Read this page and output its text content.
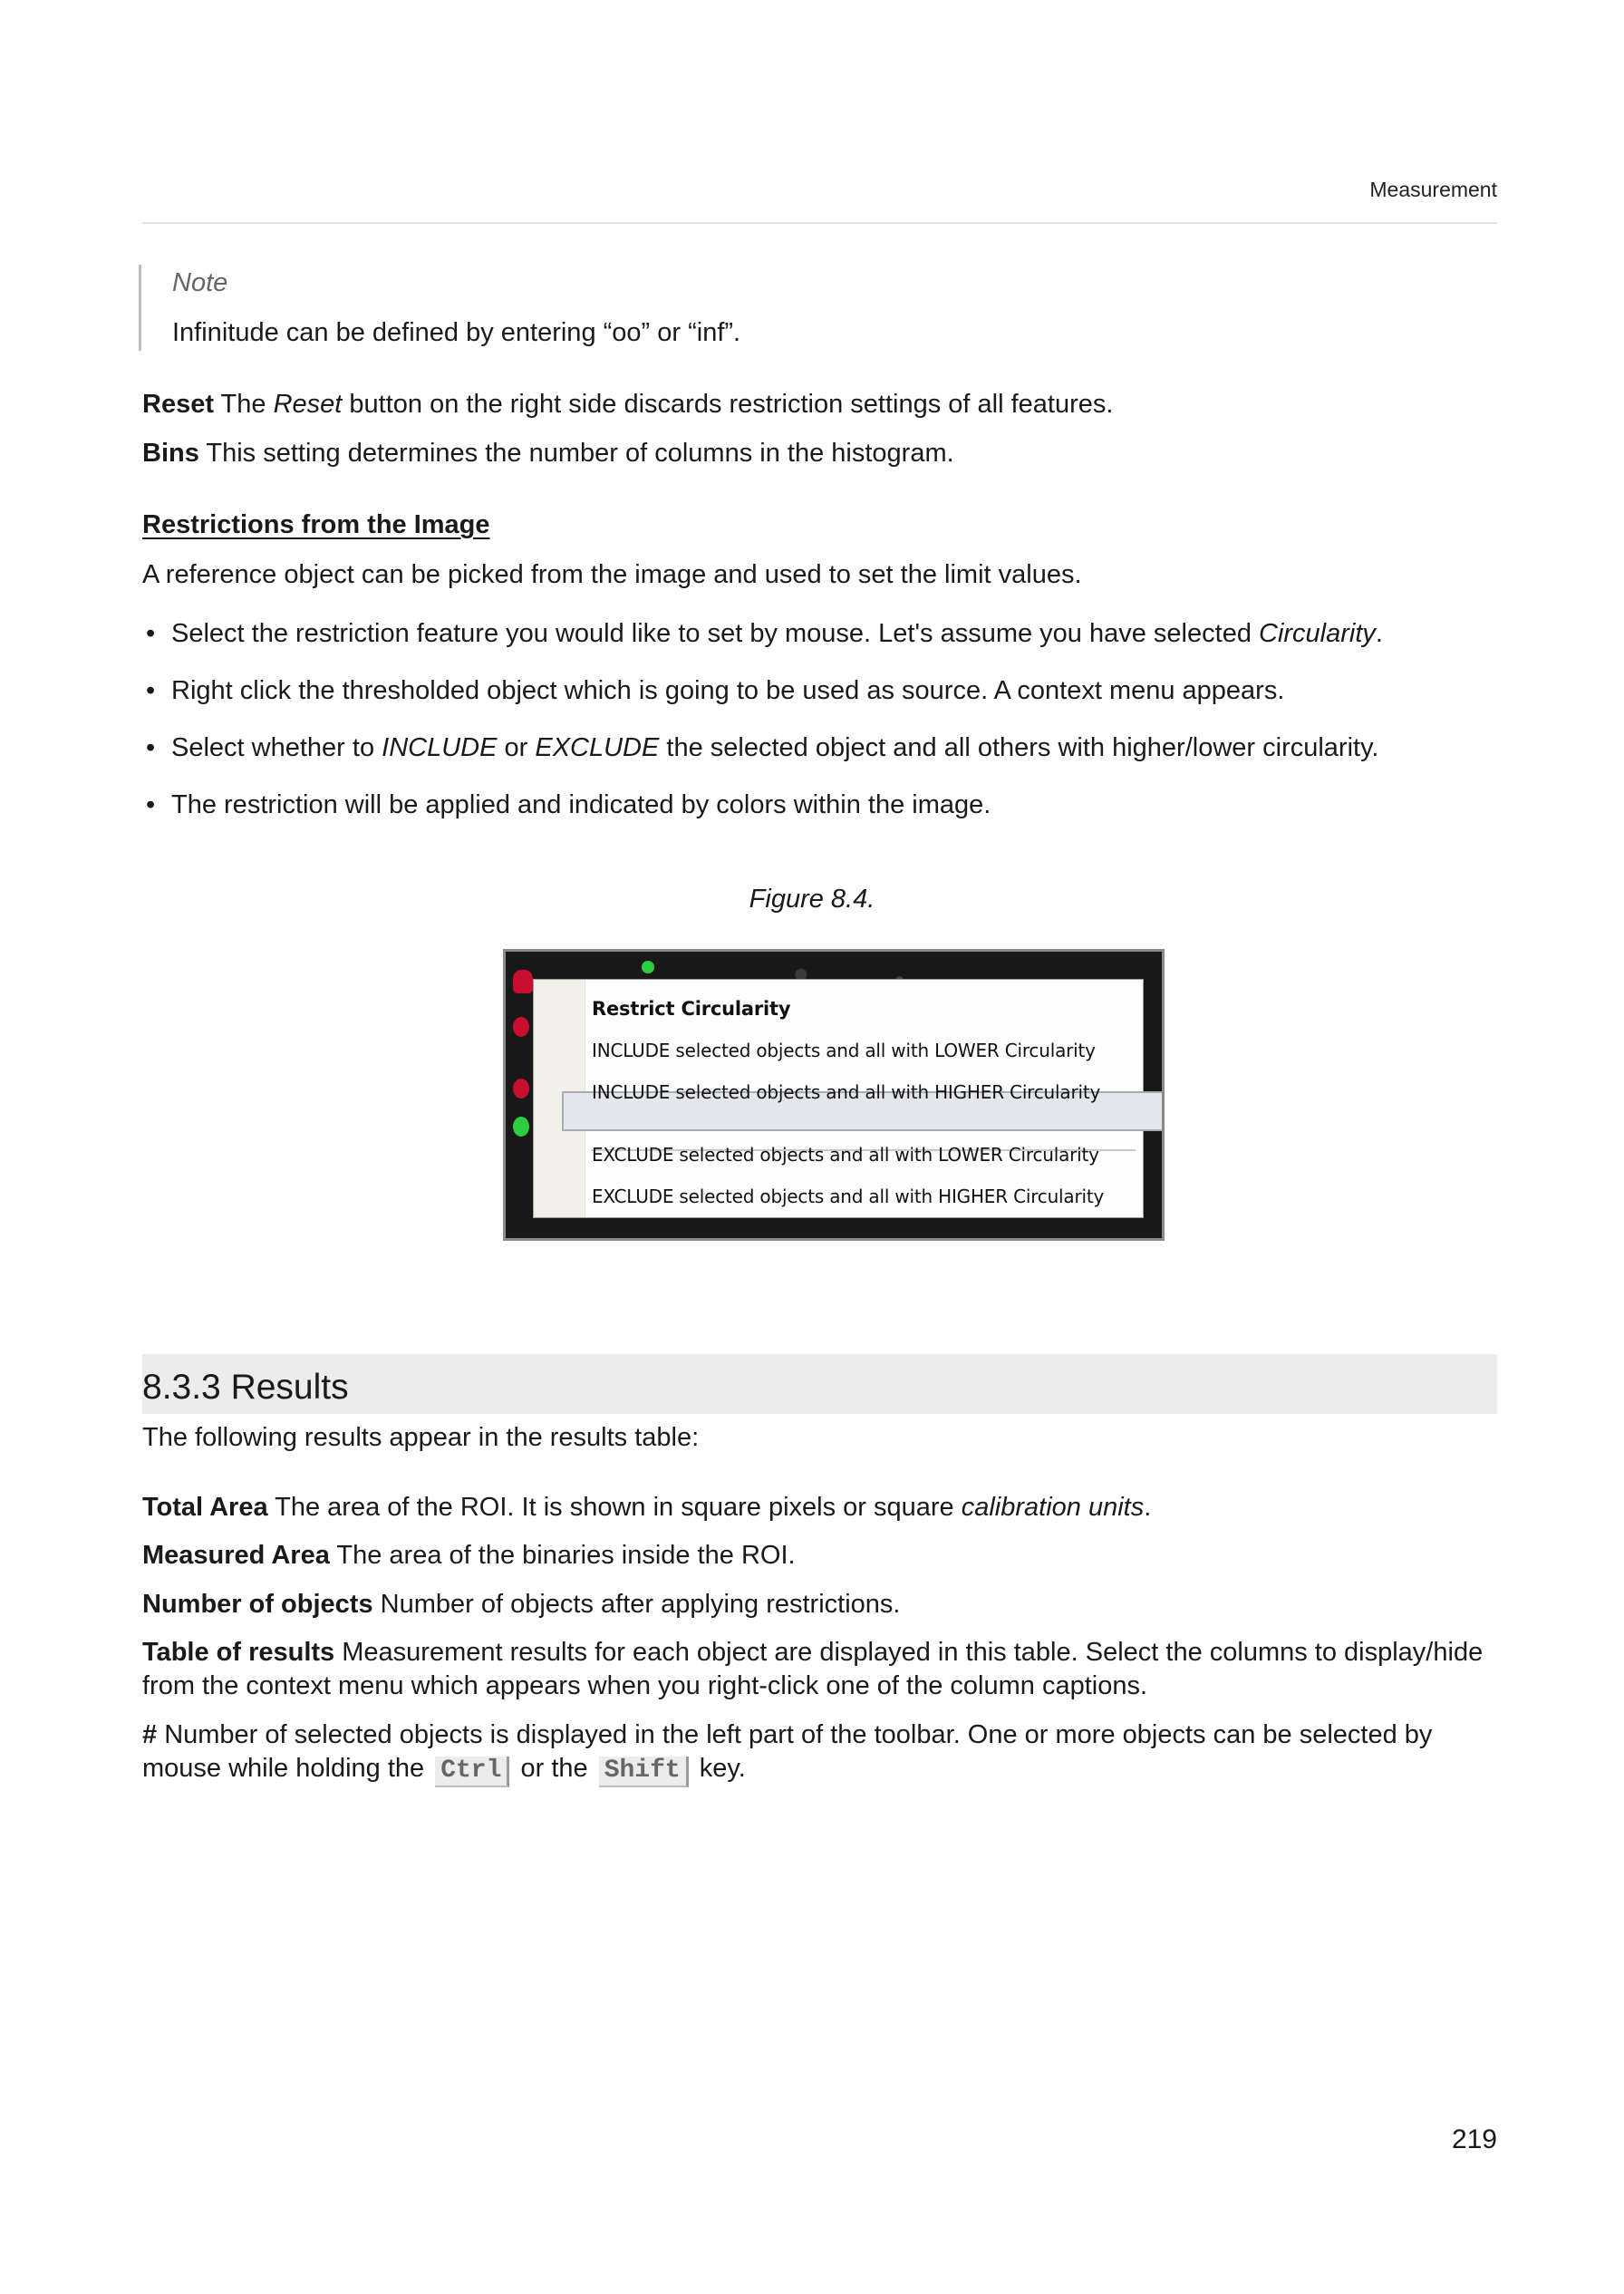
Measurement
Note
Infinitude can be defined by entering “oo” or “inf”.
Reset The Reset button on the right side discards restriction settings of all features.
Bins This setting determines the number of columns in the histogram.
Restrictions from the Image
A reference object can be picked from the image and used to set the limit values.
• Select the restriction feature you would like to set by mouse. Let's assume you have selected Circularity.
• Right click the thresholded object which is going to be used as source. A context menu appears.
• Select whether to INCLUDE or EXCLUDE the selected object and all others with higher/lower circularity.
• The restriction will be applied and indicated by colors within the image.
Figure 8.4.
Restrict Circularity
INCLUDE selected objects and all with LOWER Circularity
INCLUDE selected objects and all with HIGHER Circularity
EXCLUDE selected objects and all with LOWER Circularity
EXCLUDE selected objects and all with HIGHER Circularity
8.3.3 Results
The following results appear in the results table:
Total Area The area of the ROI. It is shown in square pixels or square calibration units.
Measured Area The area of the binaries inside the ROI.
Number of objects Number of objects after applying restrictions.
Table of results Measurement results for each object are displayed in this table. Select the columns to display/hide from the context menu which appears when you right-click one of the column captions.
# Number of selected objects is displayed in the left part of the toolbar. One or more objects can be selected by mouse while holding the Ctrl or the Shift key.
219
